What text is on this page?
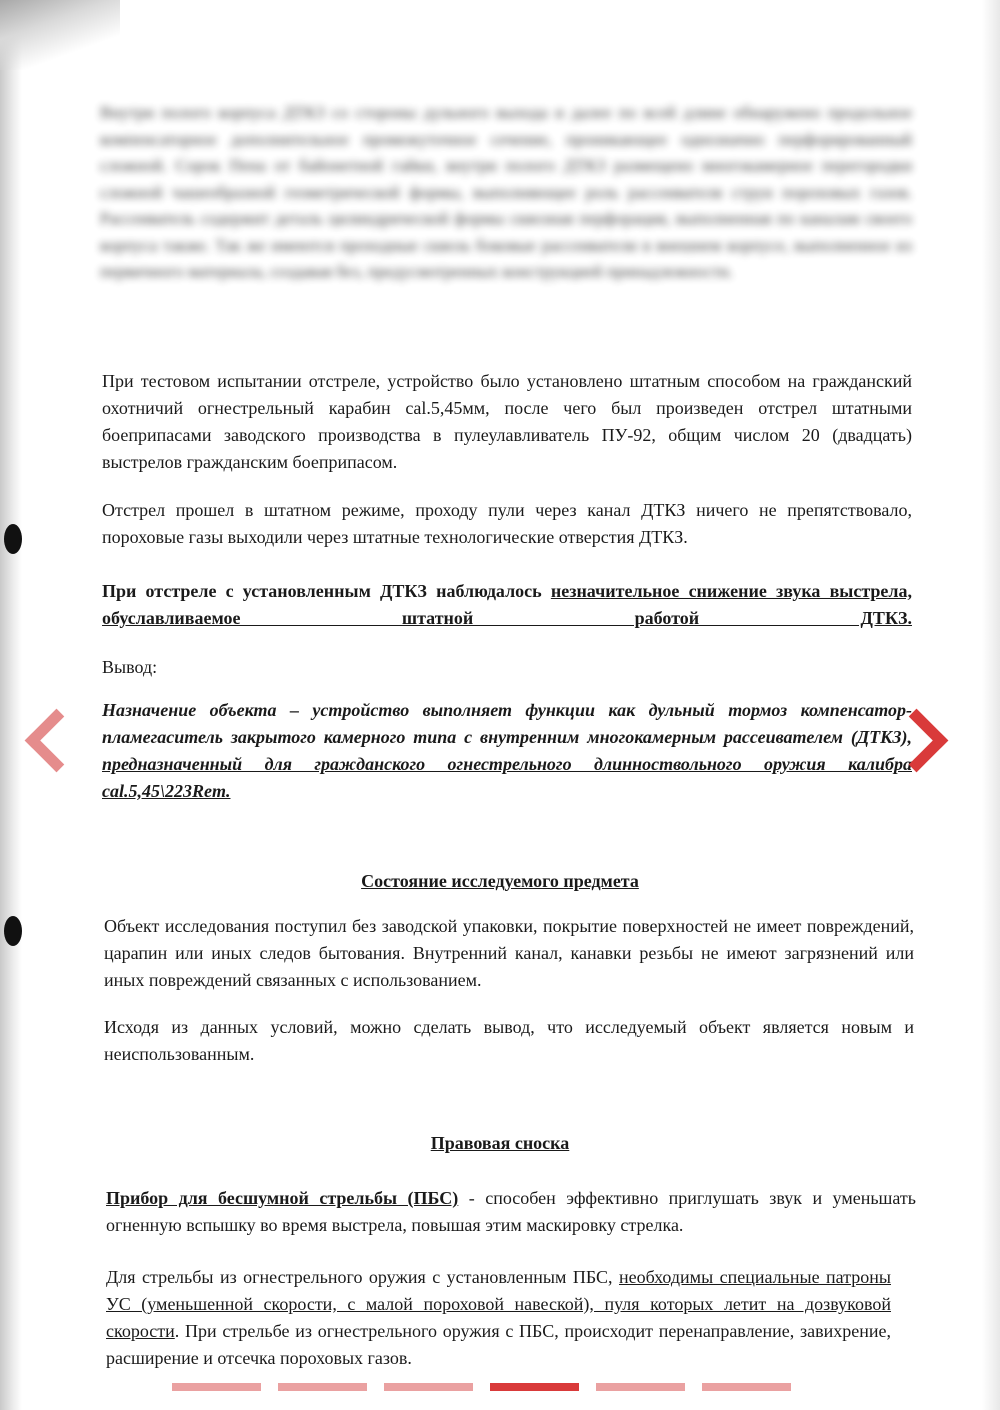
Внутри полого корпуса ДТКЗ со стороны дульного выхода и далее по всей длине обнаружено продольное компенсаторное дополнительное промежуточное сечение, проникающее однозначно перфорированный сложной. Сорок Пена от байонетной гайки, внутри полого ДТКЗ размещено многокамерное перегородки сложной чашеобразной геометрической формы, выполняющее роль рассеивателя струи пороховых газов. Рассеиватель содержит деталь цилиндрической формы сквозная перфорация, выполненная по каналам своего корпуса также. Так же имеются проходные сквозь боковые рассеиватели в внешнем корпусе, выполненное из первичного материала, создавая без, предусмотренных конструкцией принадлежности.
При тестовом испытании отстреле, устройство было установлено штатным способом на гражданский охотничий огнестрельный карабин cal.5,45мм, после чего был произведен отстрел штатными боеприпасами заводского производства в пулеулавливатель ПУ-92, общим числом 20 (двадцать) выстрелов гражданским боеприпасом.
Отстрел прошел в штатном режиме, проходу пули через канал ДТКЗ ничего не препятствовало, пороховые газы выходили через штатные технологические отверстия ДТКЗ.
При отстреле с установленным ДТКЗ наблюдалось незначительное снижение звука выстрела, обуславливаемое штатной работой ДТКЗ.
Вывод:
Назначение объекта – устройство выполняет функции как дульный тормоз компенсатор-пламегаситель закрытого камерного типа с внутренним многокамерным рассеивателем (ДТКЗ), предназначенный для гражданского огнестрельного длинноствольного оружия калибра cal.5,45\223Rem.
Состояние исследуемого предмета
Объект исследования поступил без заводской упаковки, покрытие поверхностей не имеет повреждений, царапин или иных следов бытования. Внутренний канал, канавки резьбы не имеют загрязнений или иных повреждений связанных с использованием.
Исходя из данных условий, можно сделать вывод, что исследуемый объект является новым и неиспользованным.
Правовая сноска
Прибор для бесшумной стрельбы (ПБС) - способен эффективно приглушать звук и уменьшать огненную вспышку во время выстрела, повышая этим маскировку стрелка.
Для стрельбы из огнестрельного оружия с установленным ПБС, необходимы специальные патроны УС (уменьшенной скорости, с малой пороховой навеской), пуля которых летит на дозвуковой скорости. При стрельбе из огнестрельного оружия с ПБС, происходит перенаправление, завихрение, расширение и отсечка пороховых газов.
